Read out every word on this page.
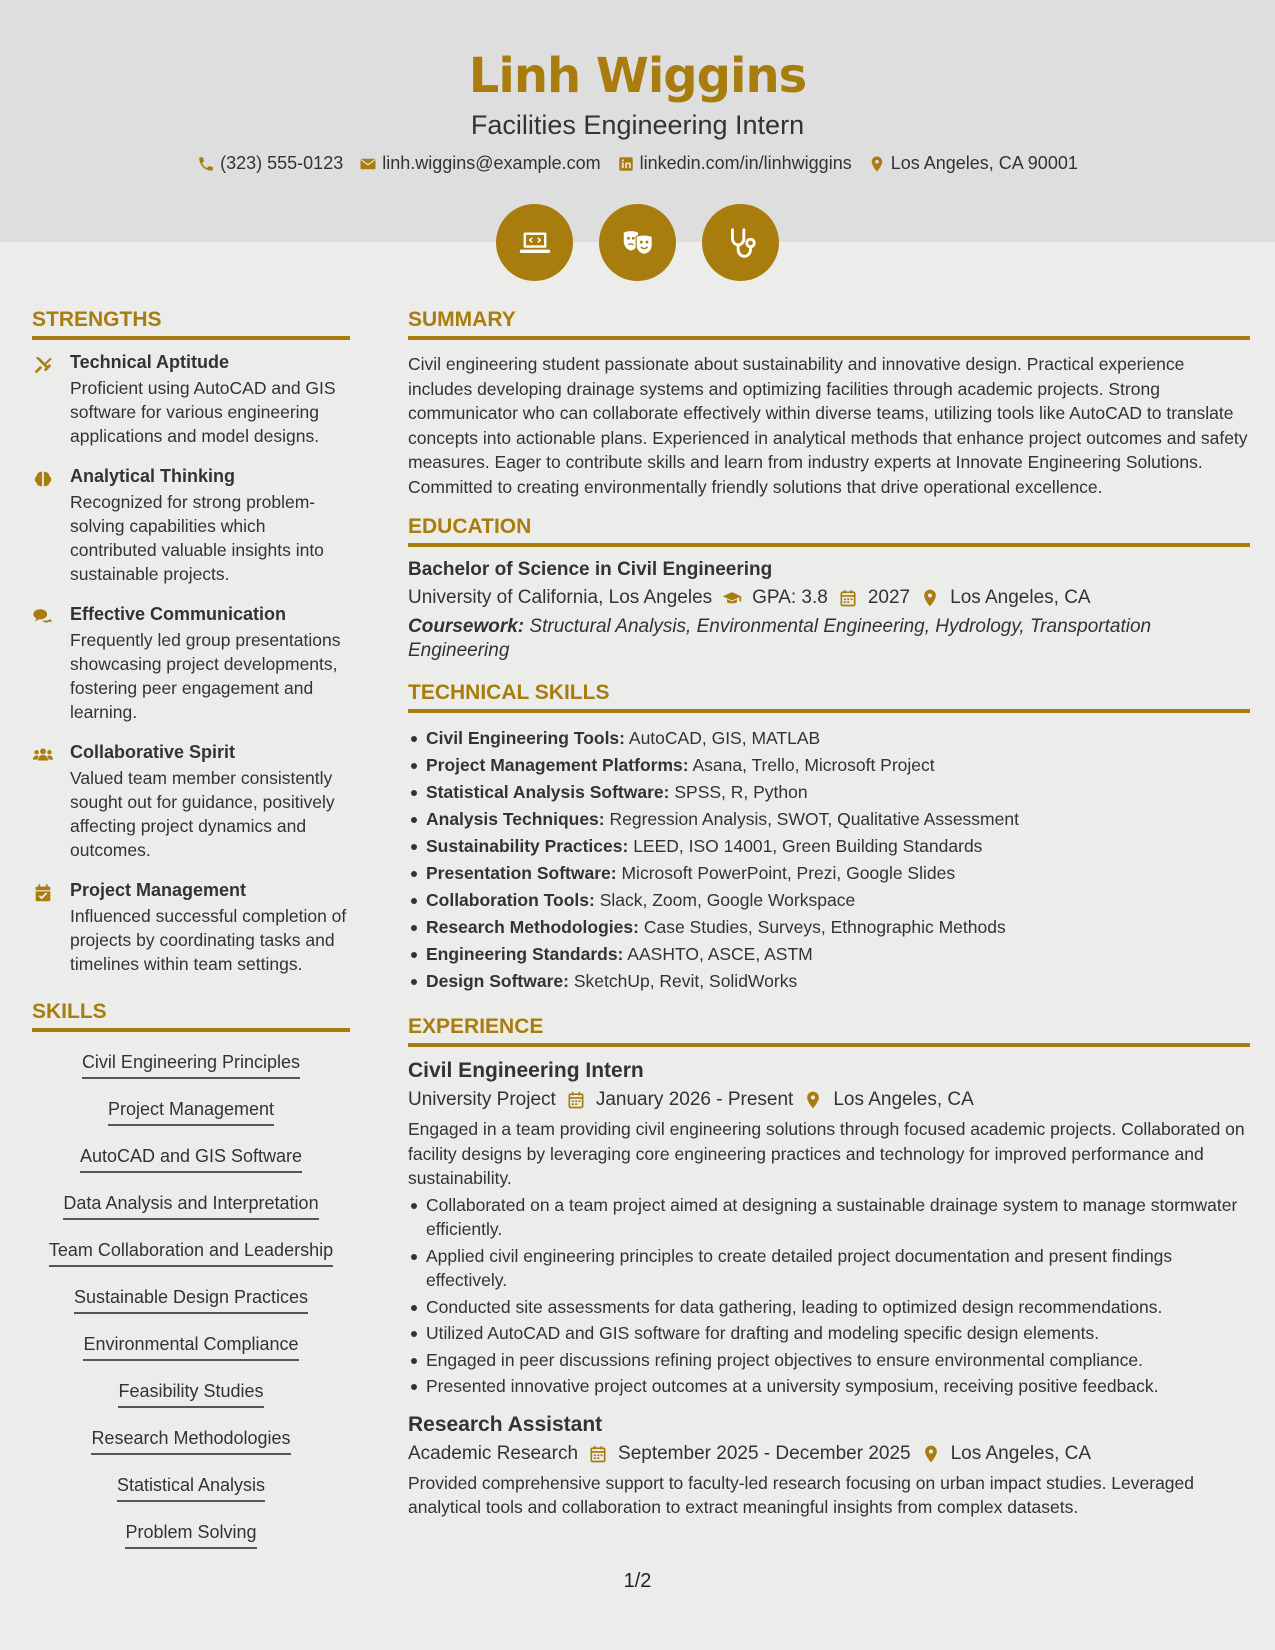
Linh Wiggins
Facilities Engineering Intern
(323) 555-0123 linh.wiggins@example.com linkedin.com/in/linhwiggins Los Angeles, CA 90001
STRENGTHS
Technical Aptitude

Proficient using AutoCAD and GIS software for various engineering applications and model designs.

Analytical Thinking

Recognized for strong problem-solving capabilities which contributed valuable insights into sustainable projects.

Effective Communication

Frequently led group presentations showcasing project developments, fostering peer engagement and learning.

Collaborative Spirit

Valued team member consistently sought out for guidance, positively affecting project dynamics and outcomes.

Project Management

Influenced successful completion of projects by coordinating tasks and timelines within team settings.

SKILLS
Civil Engineering Principles
Project Management
AutoCAD and GIS Software
Data Analysis and Interpretation
Team Collaboration and Leadership
Sustainable Design Practices
Environmental Compliance
Feasibility Studies
Research Methodologies
Statistical Analysis
Problem Solving
SUMMARY

Civil engineering student passionate about sustainability and innovative design. Practical experience includes developing drainage systems and optimizing facilities through academic projects. Strong communicator who can collaborate effectively within diverse teams, utilizing tools like AutoCAD to translate concepts into actionable plans. Experienced in analytical methods that enhance project outcomes and safety measures. Eager to contribute skills and learn from industry experts at Innovate Engineering Solutions. Committed to creating environmentally friendly solutions that drive operational excellence.

EDUCATION
Bachelor of Science in Civil Engineering
University of California, Los Angeles GPA: 3.8 2027 Los Angeles, CA
Coursework: Structural Analysis, Environmental Engineering, Hydrology, Transportation Engineering
TECHNICAL SKILLS
Civil Engineering Tools: AutoCAD, GIS, MATLAB
Project Management Platforms: Asana, Trello, Microsoft Project
Statistical Analysis Software: SPSS, R, Python
Analysis Techniques: Regression Analysis, SWOT, Qualitative Assessment
Sustainability Practices: LEED, ISO 14001, Green Building Standards
Presentation Software: Microsoft PowerPoint, Prezi, Google Slides
Collaboration Tools: Slack, Zoom, Google Workspace
Research Methodologies: Case Studies, Surveys, Ethnographic Methods
Engineering Standards: AASHTO, ASCE, ASTM
Design Software: SketchUp, Revit, SolidWorks
EXPERIENCE
Civil Engineering Intern
University Project January 2026 - Present Los Angeles, CA

Engaged in a team providing civil engineering solutions through focused academic projects. Collaborated on facility designs by leveraging core engineering practices and technology for improved performance and sustainability.

Collaborated on a team project aimed at designing a sustainable drainage system to manage stormwater efficiently.
Applied civil engineering principles to create detailed project documentation and present findings effectively.
Conducted site assessments for data gathering, leading to optimized design recommendations.
Utilized AutoCAD and GIS software for drafting and modeling specific design elements.
Engaged in peer discussions refining project objectives to ensure environmental compliance.
Presented innovative project outcomes at a university symposium, receiving positive feedback.
Research Assistant
Academic Research September 2025 - December 2025 Los Angeles, CA

Provided comprehensive support to faculty-led research focusing on urban impact studies. Leveraged analytical tools and collaboration to extract meaningful insights from complex datasets.

1/2
